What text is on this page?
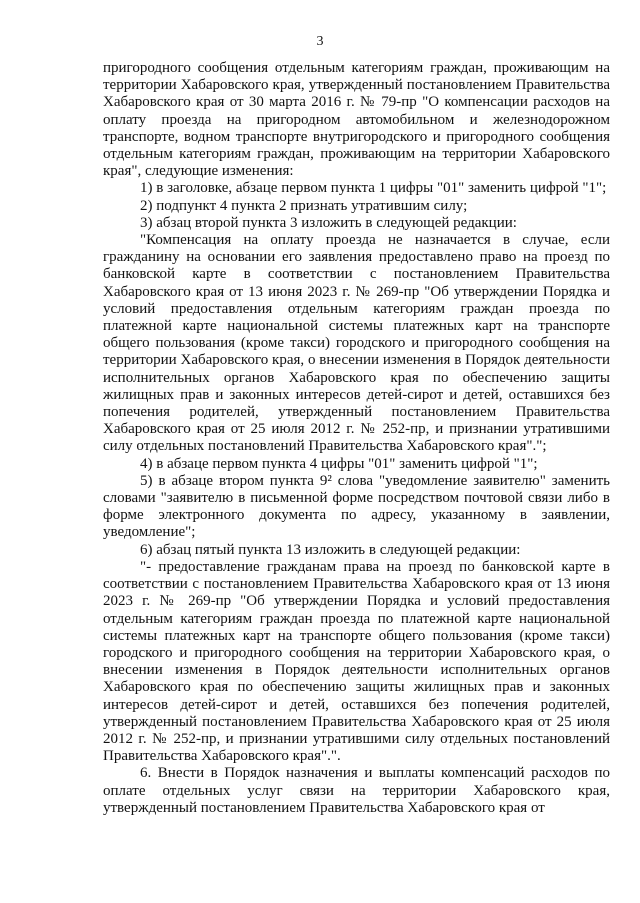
3

пригородного сообщения отдельным категориям граждан, проживающим на территории Хабаровского края, утвержденный постановлением Правительства Хабаровского края от 30 марта 2016 г. № 79-пр "О компенсации расходов на оплату проезда на пригородном автомобильном и железнодорожном транспорте, водном транспорте внутригородского и пригородного сообщения отдельным категориям граждан, проживающим на территории Хабаровского края", следующие изменения:

1) в заголовке, абзаце первом пункта 1 цифры "01" заменить цифрой "1";

2) подпункт 4 пункта 2 признать утратившим силу;

3) абзац второй пункта 3 изложить в следующей редакции:

"Компенсация на оплату проезда не назначается в случае, если гражданину на основании его заявления предоставлено право на проезд по банковской карте в соответствии с постановлением Правительства Хабаровского края от 13 июня 2023 г. № 269-пр "Об утверждении Порядка и условий предоставления отдельным категориям граждан проезда по платежной карте национальной системы платежных карт на транспорте общего пользования (кроме такси) городского и пригородного сообщения на территории Хабаровского края, о внесении изменения в Порядок деятельности исполнительных органов Хабаровского края по обеспечению защиты жилищных прав и законных интересов детей-сирот и детей, оставшихся без попечения родителей, утвержденный постановлением Правительства Хабаровского края от 25 июля 2012 г. № 252-пр, и признании утратившими силу отдельных постановлений Правительства Хабаровского края".";

4) в абзаце первом пункта 4 цифры "01" заменить цифрой "1";

5) в абзаце втором пункта 9² слова "уведомление заявителю" заменить словами "заявителю в письменной форме посредством почтовой связи либо в форме электронного документа по адресу, указанному в заявлении, уведомление";

6) абзац пятый пункта 13 изложить в следующей редакции:

"- предоставление гражданам права на проезд по банковской карте в соответствии с постановлением Правительства Хабаровского края от 13 июня 2023 г. № 269-пр "Об утверждении Порядка и условий предоставления отдельным категориям граждан проезда по платежной карте национальной системы платежных карт на транспорте общего пользования (кроме такси) городского и пригородного сообщения на территории Хабаровского края, о внесении изменения в Порядок деятельности исполнительных органов Хабаровского края по обеспечению защиты жилищных прав и законных интересов детей-сирот и детей, оставшихся без попечения родителей, утвержденный постановлением Правительства Хабаровского края от 25 июля 2012 г. № 252-пр, и признании утратившими силу отдельных постановлений Правительства Хабаровского края".".

6. Внести в Порядок назначения и выплаты компенсаций расходов по оплате отдельных услуг связи на территории Хабаровского края, утвержденный постановлением Правительства Хабаровского края от
